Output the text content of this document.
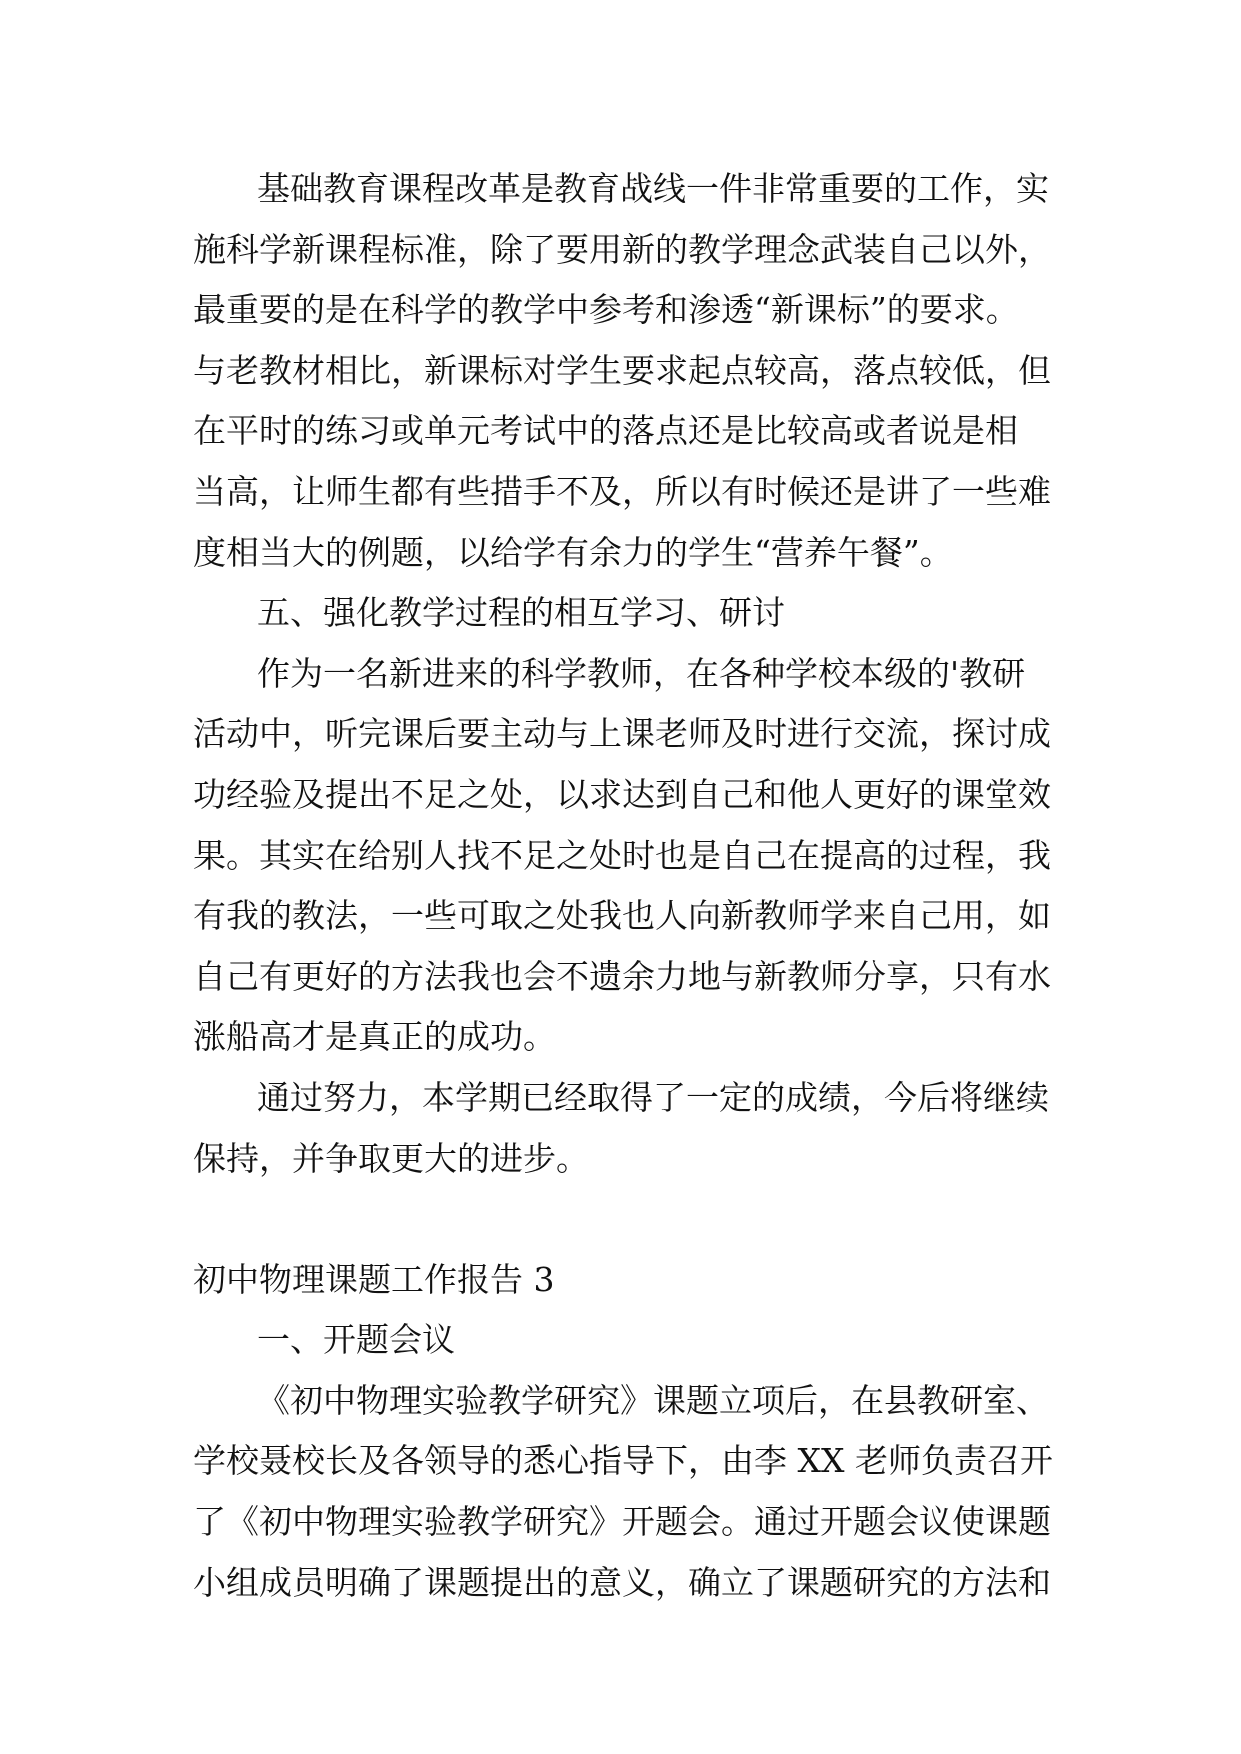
基础教育课程改革是教育战线一件非常重要的工作，实
施科学新课程标准，除了要用新的教学理念武装自己以外，
最重要的是在科学的教学中参考和渗透“新课标”的要求。
与老教材相比，新课标对学生要求起点较高，落点较低，但
在平时的练习或单元考试中的落点还是比较高或者说是相
当高，让师生都有些措手不及，所以有时候还是讲了一些难
度相当大的例题，以给学有余力的学生“营养午餐”。
五、强化教学过程的相互学习、研讨
作为一名新进来的科学教师，在各种学校本级的'教研
活动中，听完课后要主动与上课老师及时进行交流，探讨成
功经验及提出不足之处，以求达到自己和他人更好的课堂效
果。其实在给别人找不足之处时也是自己在提高的过程，我
有我的教法，一些可取之处我也人向新教师学来自己用，如
自己有更好的方法我也会不遗余力地与新教师分享，只有水
涨船高才是真正的成功。
通过努力，本学期已经取得了一定的成绩，今后将继续
保持，并争取更大的进步。
初中物理课题工作报告 3
一、开题会议
《初中物理实验教学研究》课题立项后，在县教研室、
学校聂校长及各领导的悉心指导下，由李 XX 老师负责召开
了《初中物理实验教学研究》开题会。通过开题会议使课题
小组成员明确了课题提出的意义，确立了课题研究的方法和
